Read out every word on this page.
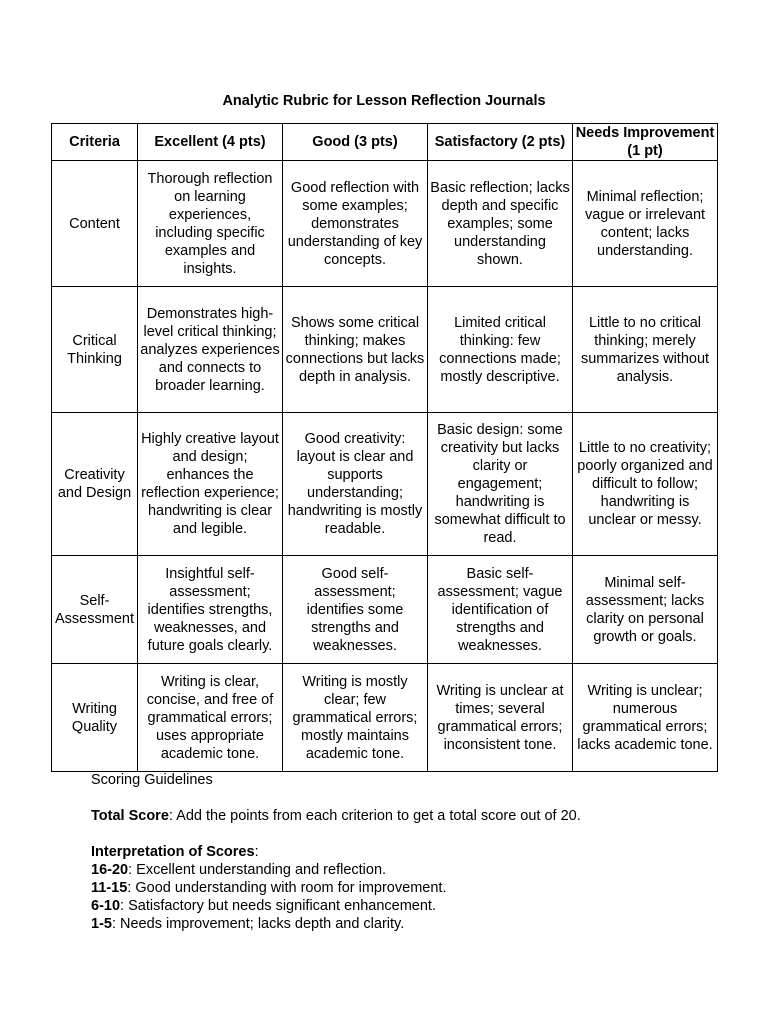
Analytic Rubric for Lesson Reflection Journals
Criteria	Excellent (4 pts)	Good (3 pts)	Satisfactory (2 pts)	Needs Improvement (1 pt)
Content	Thorough reflection on learning experiences, including specific examples and insights.	Good reflection with some examples; demonstrates understanding of key concepts.	Basic reflection; lacks depth and specific examples; some understanding shown.	Minimal reflection; vague or irrelevant content; lacks understanding.
Critical Thinking	Demonstrates high-level critical thinking; analyzes experiences and connects to broader learning.	Shows some critical thinking; makes connections but lacks depth in analysis.	Limited critical thinking: few connections made; mostly descriptive.	Little to no critical thinking; merely summarizes without analysis.
Creativity and Design	Highly creative layout and design; enhances the reflection experience; handwriting is clear and legible.	Good creativity: layout is clear and supports understanding; handwriting is mostly readable.	Basic design: some creativity but lacks clarity or engagement; handwriting is somewhat difficult to read.	Little to no creativity; poorly organized and difficult to follow; handwriting is unclear or messy.
Self-Assessment	Insightful self-assessment; identifies strengths, weaknesses, and future goals clearly.	Good self-assessment; identifies some strengths and weaknesses.	Basic self-assessment; vague identification of strengths and weaknesses.	Minimal self-assessment; lacks clarity on personal growth or goals.
Writing Quality	Writing is clear, concise, and free of grammatical errors; uses appropriate academic tone.	Writing is mostly clear; few grammatical errors; mostly maintains academic tone.	Writing is unclear at times; several grammatical errors; inconsistent tone.	Writing is unclear; numerous grammatical errors; lacks academic tone.

Scoring Guidelines

Total Score: Add the points from each criterion to get a total score out of 20.

Interpretation of Scores:

16-20: Excellent understanding and reflection.

11-15: Good understanding with room for improvement.

6-10: Satisfactory but needs significant enhancement.

1-5: Needs improvement; lacks depth and clarity.
